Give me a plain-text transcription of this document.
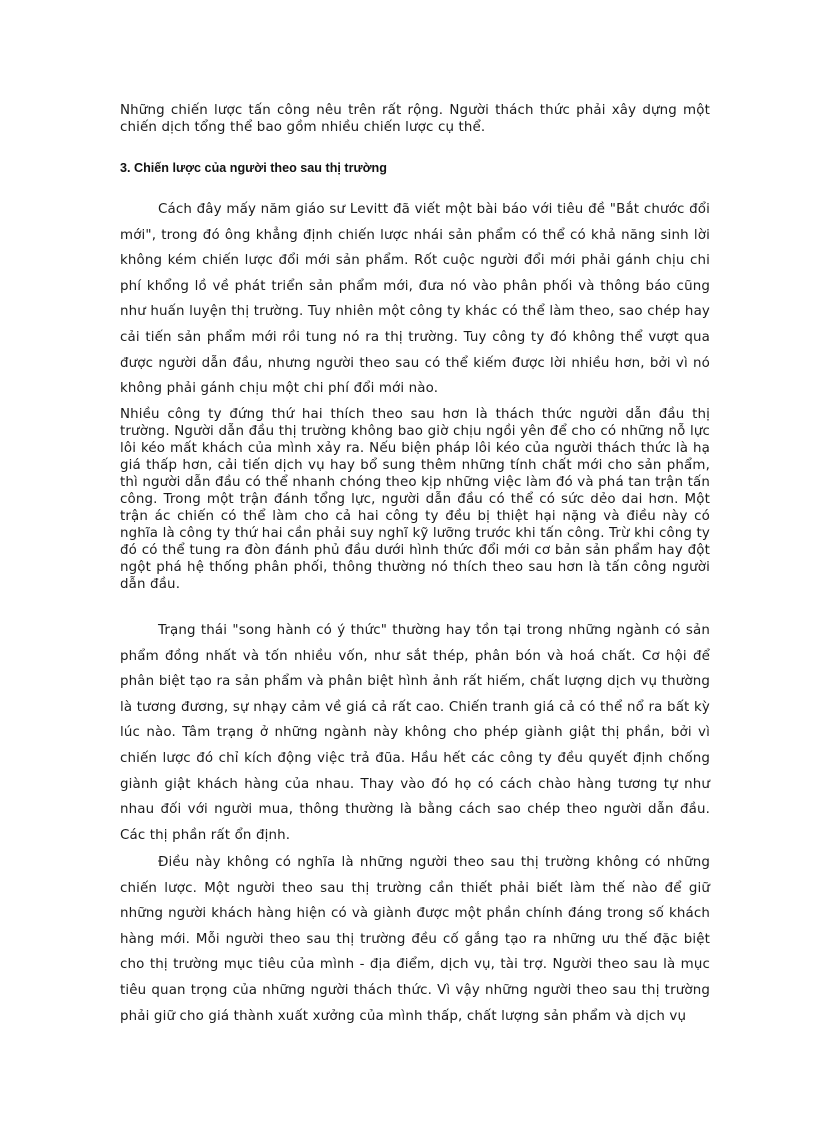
Những chiến lược tấn công nêu trên rất rộng. Người thách thức phải xây dựng một chiến dịch tổng thể bao gồm nhiều chiến lược cụ thể.

3. Chiến lược của người theo sau thị trường

Cách đây mấy năm giáo sư Levitt đã viết một bài báo với tiêu đề "Bắt chước đổi mới", trong đó ông khẳng định chiến lược nhái sản phẩm có thể có khả năng sinh lời không kém chiến lược đổi mới sản phẩm. Rốt cuộc người đổi mới phải gánh chịu chi phí khổng lồ về phát triển sản phẩm mới, đưa nó vào phân phối và thông báo cũng như huấn luyện thị trường. Tuy nhiên một công ty khác có thể làm theo, sao chép hay cải tiến sản phẩm mới rồi tung nó ra thị trường. Tuy công ty đó không thể vượt qua được người dẫn đầu, nhưng người theo sau có thể kiếm được lời nhiều hơn, bởi vì nó không phải gánh chịu một chi phí đổi mới nào.

Nhiều công ty đứng thứ hai thích theo sau hơn là thách thức người dẫn đầu thị trường. Người dẫn đầu thị trường không bao giờ chịu ngồi yên để cho có những nỗ lực lôi kéo mất khách của mình xảy ra. Nếu biện pháp lôi kéo của người thách thức là hạ giá thấp hơn, cải tiến dịch vụ hay bổ sung thêm những tính chất mới cho sản phẩm, thì người dẫn đầu có thể nhanh chóng theo kịp những việc làm đó và phá tan trận tấn công. Trong một trận đánh tổng lực, người dẫn đầu có thể có sức dẻo dai hơn. Một trận ác chiến có thể làm cho cả hai công ty đều bị thiệt hại nặng và điều này có nghĩa là công ty thứ hai cần phải suy nghĩ kỹ lưỡng trước khi tấn công. Trừ khi công ty đó có thể tung ra đòn đánh phủ đầu dưới hình thức đổi mới cơ bản sản phẩm hay đột ngột phá hệ thống phân phối, thông thường nó thích theo sau hơn là tấn công người dẫn đầu.

Trạng thái "song hành có ý thức" thường hay tồn tại trong những ngành có sản phẩm đồng nhất và tốn nhiều vốn, như sắt thép, phân bón và hoá chất. Cơ hội để phân biệt tạo ra sản phẩm và phân biệt hình ảnh rất hiếm, chất lượng dịch vụ thường là tương đương, sự nhạy cảm về giá cả rất cao. Chiến tranh giá cả có thể nổ ra bất kỳ lúc nào. Tâm trạng ở những ngành này không cho phép giành giật thị phần, bởi vì chiến lược đó chỉ kích động việc trả đũa. Hầu hết các công ty đều quyết định chống giành giật khách hàng của nhau. Thay vào đó họ có cách chào hàng tương tự như nhau đối với người mua, thông thường là bằng cách sao chép theo người dẫn đầu. Các thị phần rất ổn định.

Điều này không có nghĩa là những người theo sau thị trường không có những chiến lược. Một người theo sau thị trường cần thiết phải biết làm thế nào để giữ những người khách hàng hiện có và giành được một phần chính đáng trong số khách hàng mới. Mỗi người theo sau thị trường đều cố gắng tạo ra những ưu thế đặc biệt cho thị trường mục tiêu của mình - địa điểm, dịch vụ, tài trợ. Người theo sau là mục tiêu quan trọng của những người thách thức. Vì vậy những người theo sau thị trường phải giữ cho giá thành xuất xưởng của mình thấp, chất lượng sản phẩm và dịch vụ
